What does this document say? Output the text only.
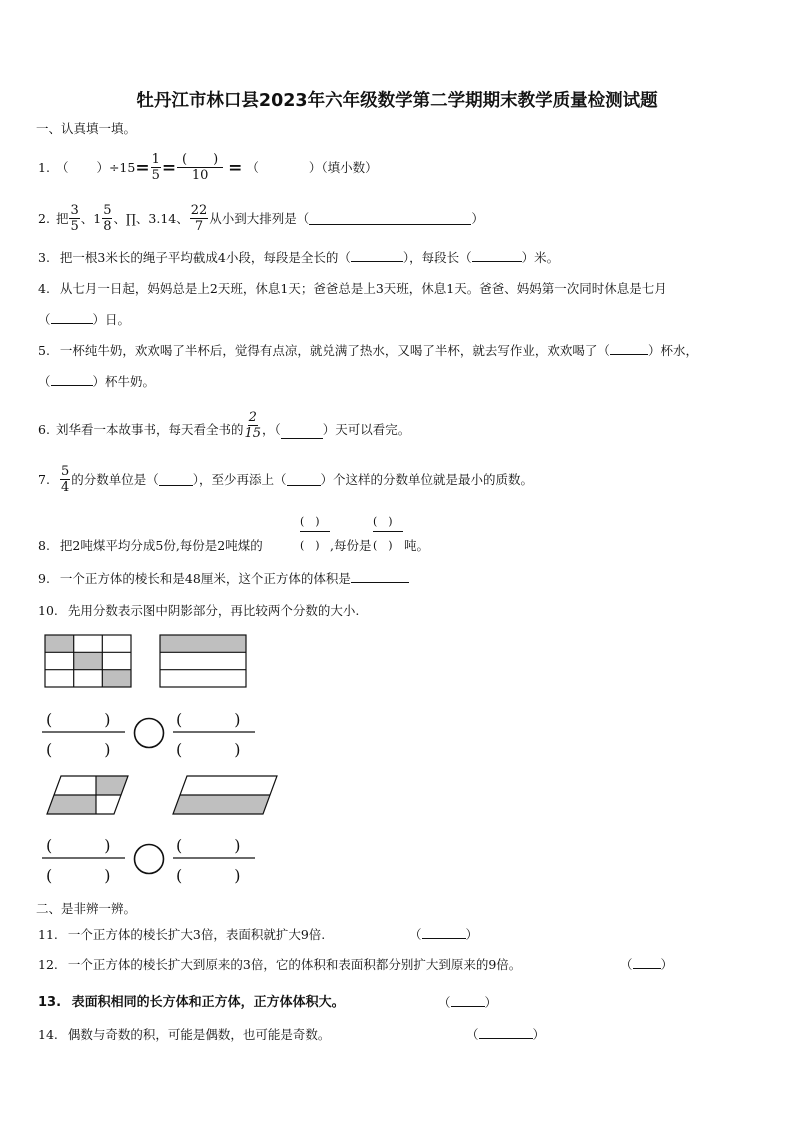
牡丹江市林口县2023年六年级数学第二学期期末教学质量检测试题
一、认真填一填。
1. （ ）$\div 15 = \frac{1}{5} = \frac{( )}{10}$ = （　　　　）（填小数）
2. 把 $\frac{3}{5}$ 、$1 \frac{5}{8}$ 、∏、3.14、 $\frac{22}{7}$ 从小到大排列是（	）
3. 把一根3米长的绳子平均截成4小段，每段是全长的（	），每段长（	）米。
4. 从七月一日起，妈妈总是上2天班，休息1天；爸爸总是上3天班，休息1天。爸爸、妈妈第一次同时休息是七月
（	）日。
5. 一杯纯牛奶，欢欢喝了半杯后，觉得有点凉，就兑满了热水，又喝了半杯，就去写作业，欢欢喝了（	）杯水，
（	）杯牛奶。
6. 刘华看一本故事书，每天看全书的 $\frac{2}{15}$ ，（	）天可以看完。
7. $\frac{5}{4}$ 的分数单位是（	），至少再添上（	）个这样的分数单位就是最小的质数。
8. 把2吨煤平均分成5份,每份是2吨煤的
(　)
(　) ,每份是
(　)
(　) 吨。
9. 一个正方体的棱长和是48厘米，这个正方体的体积是
10. 先用分数表示图中阴影部分，再比较两个分数的大小.
(　　　)
(　　　)
(　　　)
(　　　)
(　　　)
(　　　)
(　　　)
(　　　)
二、是非辨一辨。
11. 一个正方体的棱长扩大3倍，表面积就扩大9倍.	（	）
12. 一个正方体的棱长扩大到原来的3倍，它的体积和表面积都分别扩大到原来的9倍。	（ ）
13. 表面积相同的长方体和正方体，正方体体积大。	（	）
14. 偶数与奇数的积，可能是偶数，也可能是奇数。	（	）
